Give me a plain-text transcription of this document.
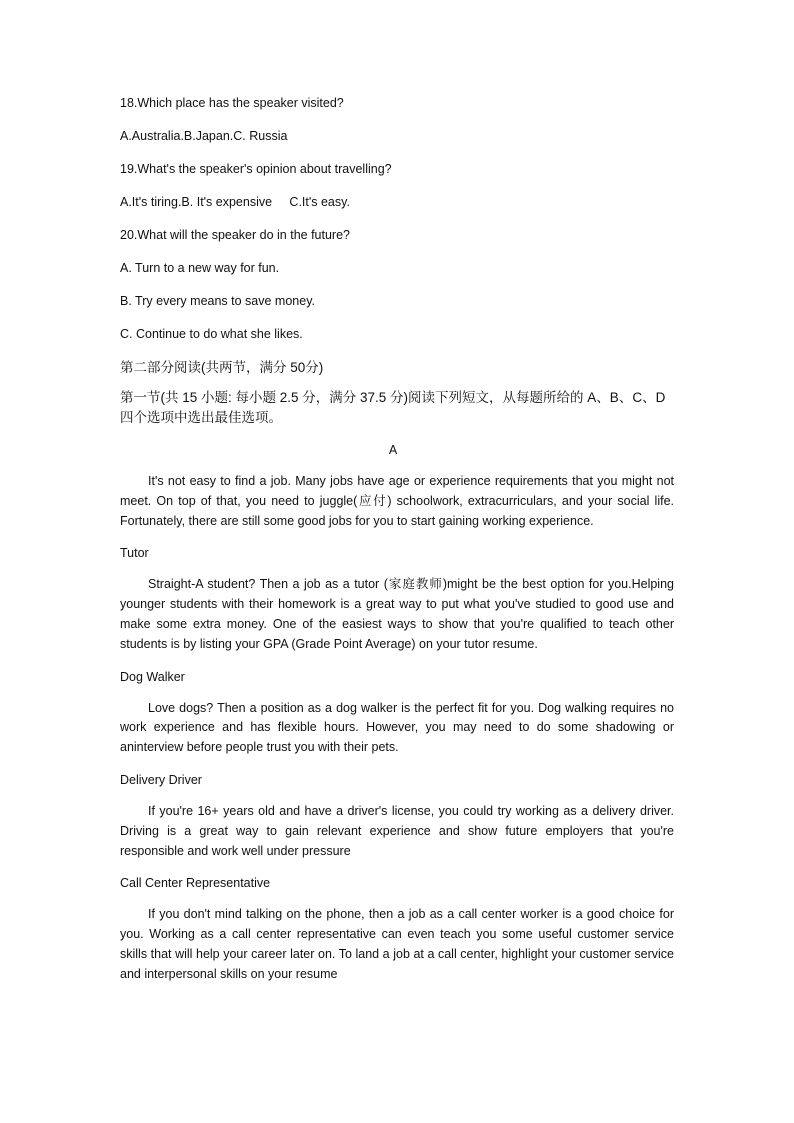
18.Which place has the speaker visited?

A.Australia.B.Japan.C. Russia

19.What's the speaker's opinion about travelling?

A.It's tiring.B. It's expensive     C.It's easy.

20.What will the speaker do in the future?

A. Turn to a new way for fun.

B. Try every means to save money.

C. Continue to do what she likes.

第二部分阅读(共两节，满分 50分)

第一节(共 15 小题: 每小题 2.5 分，满分 37.5 分)阅读下列短文，从每题所给的 A、B、C、D 四个选项中选出最佳选项。

A

It's not easy to find a job. Many jobs have age or experience requirements that you might not meet. On top of that, you need to juggle(应付) schoolwork, extracurriculars, and your social life. Fortunately, there are still some good jobs for you to start gaining working experience.

Tutor

Straight-A student? Then a job as a tutor (家庭教师)might be the best option for you.Helping younger students with their homework is a great way to put what you've studied to good use and make some extra money. One of the easiest ways to show that you're qualified to teach other students is by listing your GPA (Grade Point Average) on your tutor resume.

Dog Walker

Love dogs? Then a position as a dog walker is the perfect fit for you. Dog walking requires no work experience and has flexible hours. However, you may need to do some shadowing or aninterview before people trust you with their pets.

Delivery Driver

If you're 16+ years old and have a driver's license, you could try working as a delivery driver. Driving is a great way to gain relevant experience and show future employers that you're responsible and work well under pressure

Call Center Representative

If you don't mind talking on the phone, then a job as a call center worker is a good choice for you. Working as a call center representative can even teach you some useful customer service skills that will help your career later on. To land a job at a call center, highlight your customer service and interpersonal skills on your resume
